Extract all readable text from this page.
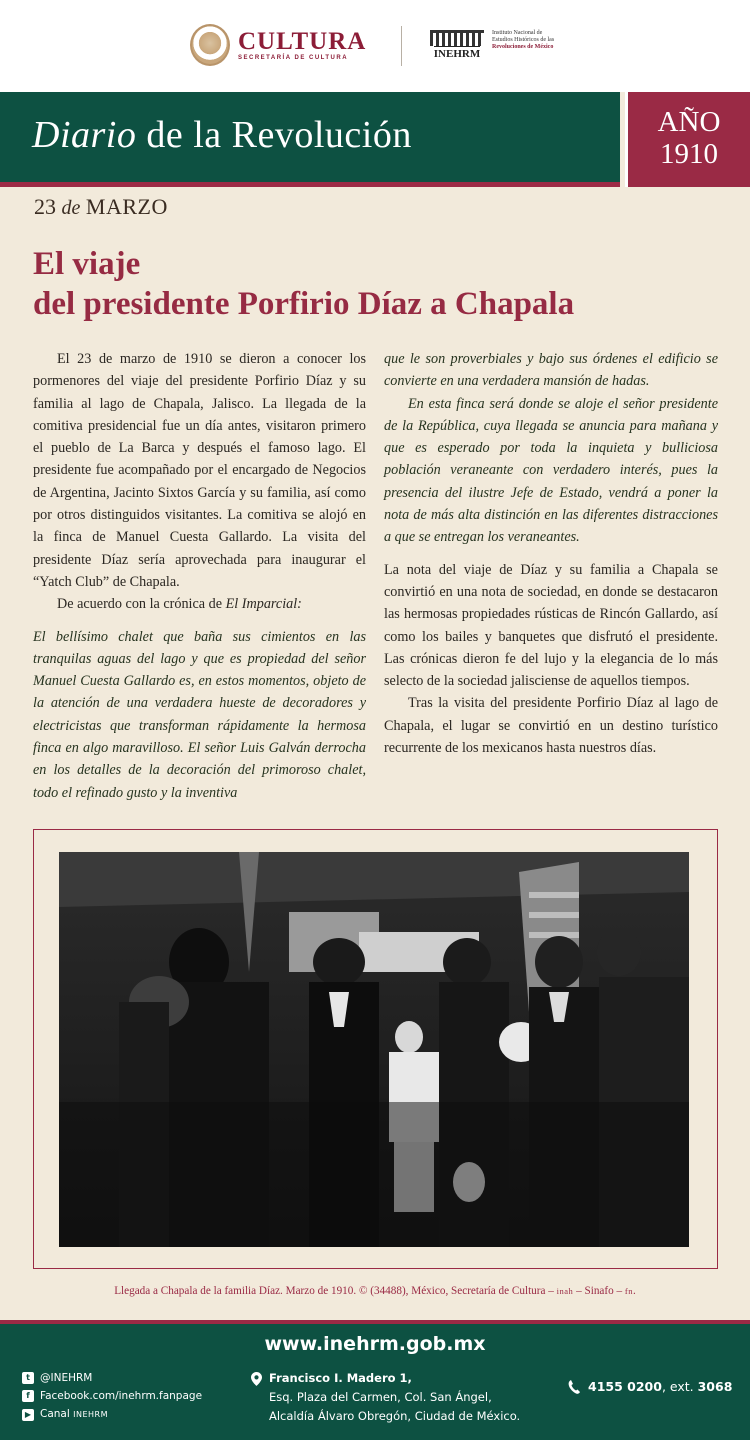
CULTURA
SECRETARÍA DE CULTURA	INEHRM
Instituto Nacional de
Estudios Históricos de las
Revoluciones de México
Diario de la Revolución	AÑO
1910
23 de MARZO
El viaje
del presidente Porfirio Díaz a Chapala

El 23 de marzo de 1910 se dieron a conocer los pormenores del viaje del presidente Porfirio Díaz y su familia al lago de Chapala, Jalisco. La llegada de la comitiva presidencial fue un día antes, visitaron primero el pueblo de La Barca y después el famoso lago. El presidente fue acompañado por el encargado de Negocios de Argentina, Jacinto Sixtos García y su familia, así como por otros distinguidos visitantes. La comitiva se alojó en la finca de Manuel Cuesta Gallardo. La visita del presidente Díaz sería aprovechada para inaugurar el “Yatch Club” de Chapala.

De acuerdo con la crónica de El Imparcial:

El bellísimo chalet que baña sus cimientos en las tranquilas aguas del lago y que es propiedad del señor Manuel Cuesta Gallardo es, en estos momentos, objeto de la atención de una verdadera hueste de decoradores y electricistas que transforman rápidamente la hermosa finca en algo maravilloso. El señor Luis Galván derrocha en los detalles de la decoración del primoroso chalet, todo el refinado gusto y la inventiva

que le son proverbiales y bajo sus órdenes el edificio se convierte en una verdadera mansión de hadas.

En esta finca será donde se aloje el señor presidente de la República, cuya llegada se anuncia para mañana y que es esperado por toda la inquieta y bulliciosa población veraneante con verdadero interés, pues la presencia del ilustre Jefe de Estado, vendrá a poner la nota de más alta distinción en las diferentes distracciones a que se entregan los veraneantes.

La nota del viaje de Díaz y su familia a Chapala se convirtió en una nota de sociedad, en donde se destacaron las hermosas propiedades rústicas de Rincón Gallardo, así como los bailes y banquetes que disfrutó el presidente. Las crónicas dieron fe del lujo y la elegancia de lo más selecto de la sociedad jalisciense de aquellos tiempos.

Tras la visita del presidente Porfirio Díaz al lago de Chapala, el lugar se convirtió en un destino turístico recurrente de los mexicanos hasta nuestros días.

Llegada a Chapala de la familia Díaz. Marzo de 1910. © (34488), México, Secretaría de Cultura – inah – Sinafo – fn.
www.inehrm.gob.mx
t @INEHRM
f Facebook.com/inehrm.fanpage
▶ Canal INEHRM
Francisco I. Madero 1,
Esq. Plaza del Carmen, Col. San Ángel,
Alcaldía Álvaro Obregón, Ciudad de México.
4155 0200, ext. 3068
